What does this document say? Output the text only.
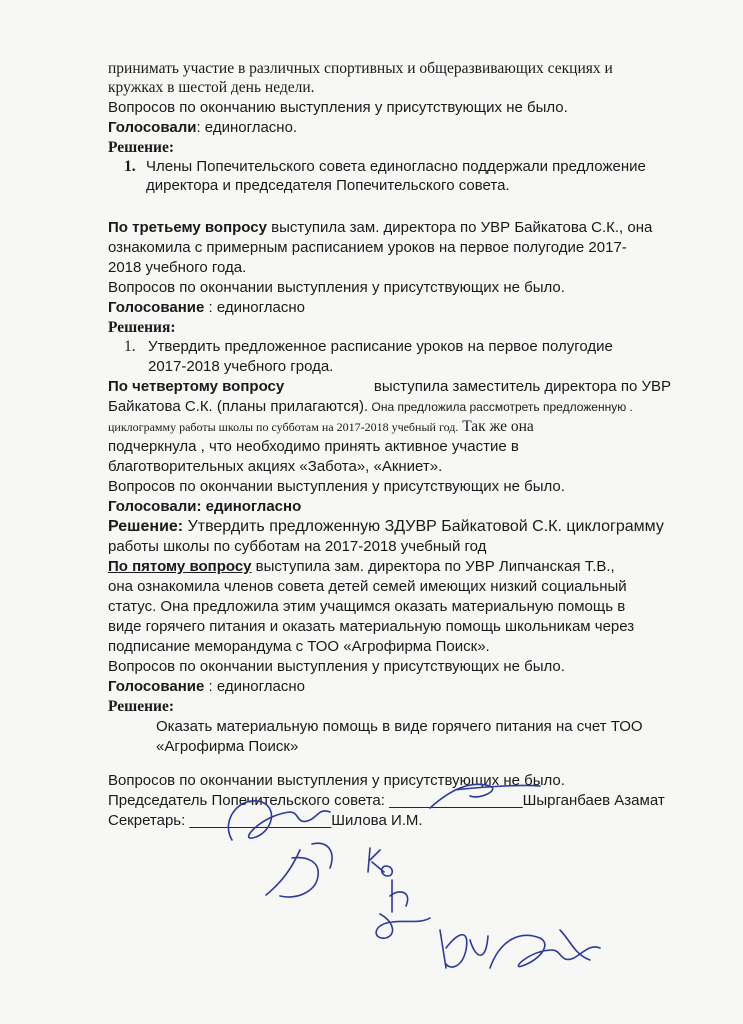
принимать участие в различных спортивных и общеразвивающих секциях и
кружках в шестой день недели.
Вопросов по окончанию выступления у присутствующих не было.
Голосовали: единогласно.
Решение:
1. Члены Попечительского совета единогласно поддержали предложение
директора и председателя Попечительского совета.
По третьему вопросу выступила зам. директора по УВР Байкатова С.К., она
ознакомила с примерным расписанием уроков на первое полугодие 2017-
2018 учебного года.
Вопросов по окончании выступления у присутствующих не было.
Голосование : единогласно
Решения:
1. Утвердить предложенное расписание уроков на первое полугодие
2017-2018 учебного грода.
По четвертому вопросу	выступила заместитель директора по УВР
Байкатова С.К. (планы прилагаются). Она предложила рассмотреть предложенную .
циклограмму работы школы по субботам на 2017-2018 учебный год. Так же она
подчеркнула , что необходимо принять активное участие в
благотворительных акциях «Забота», «Акниет».
Вопросов по окончании выступления у присутствующих не было.
Голосовали: единогласно
Решение: Утвердить предложенную ЗДУВР Байкатовой С.К. циклограмму
работы школы по субботам на 2017-2018 учебный год
По пятому вопросу выступила зам. директора по УВР Липчанская Т.В.,
она ознакомила членов совета детей семей имеющих низкий социальный
статус. Она предложила этим учащимся оказать материальную помощь в
виде горячего питания и оказать материальную помощь школьникам через
подписание меморандума с ТОО «Агрофирма Поиск».
Вопросов по окончании выступления у присутствующих не было.
Голосование : единогласно
Решение:
Оказать материальную помощь в виде горячего питания на счет ТОО
«Агрофирма Поиск»
Вопросов по окончании выступления у присутствующих не было.
Председатель Попечительского совета: ________________Шырганбаев Азамат
Секретарь: _________________Шилова И.М.
